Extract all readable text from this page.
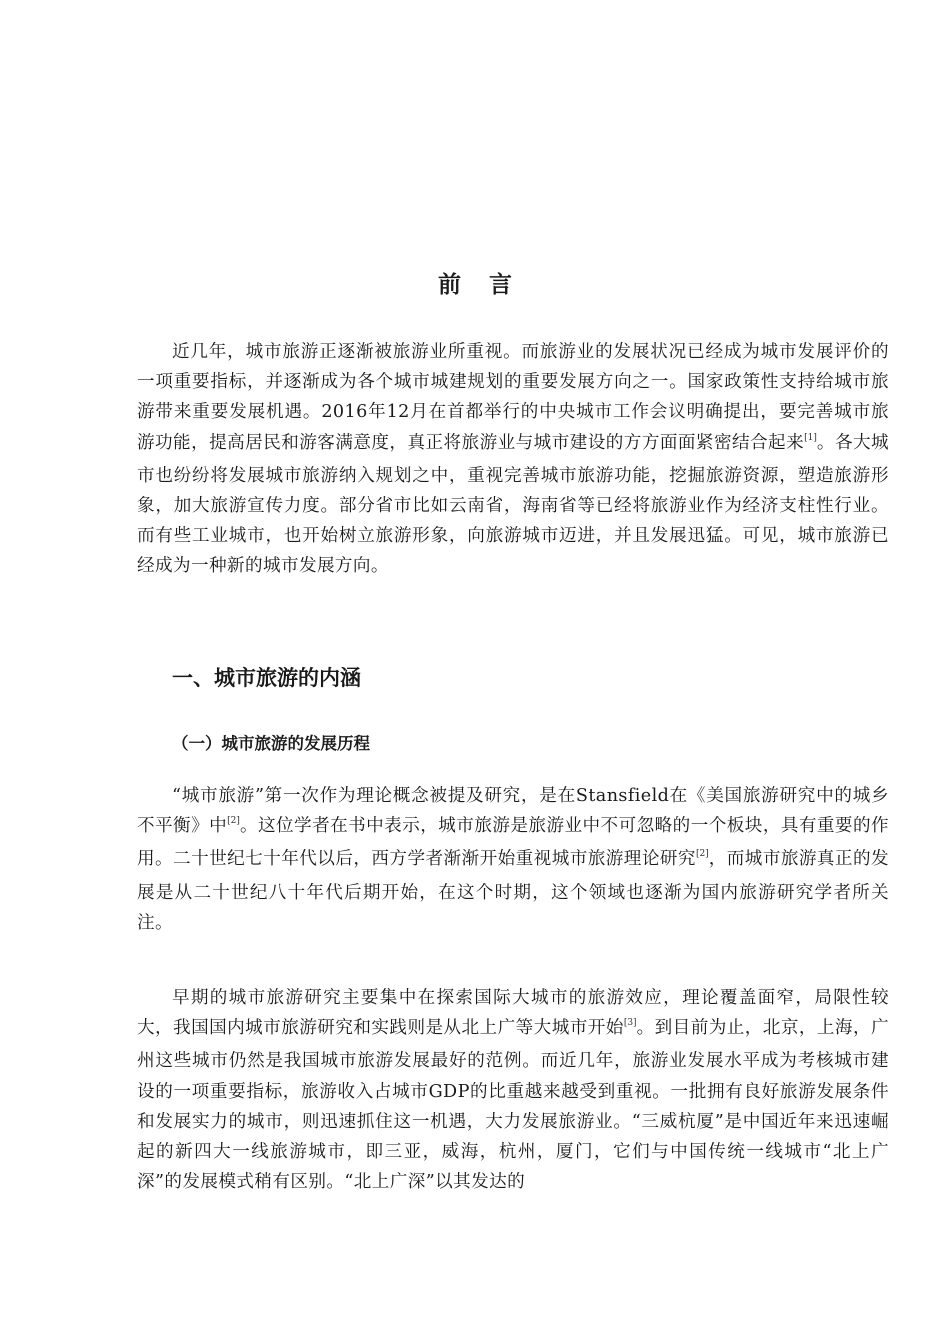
前言

近几年，城市旅游正逐渐被旅游业所重视。而旅游业的发展状况已经成为城市发展评价的一项重要指标，并逐渐成为各个城市城建规划的重要发展方向之一。国家政策性支持给城市旅游带来重要发展机遇。2016年12月在首都举行的中央城市工作会议明确提出，要完善城市旅游功能，提高居民和游客满意度，真正将旅游业与城市建设的方方面面紧密结合起来[1]。各大城市也纷纷将发展城市旅游纳入规划之中，重视完善城市旅游功能，挖掘旅游资源，塑造旅游形象，加大旅游宣传力度。部分省市比如云南省，海南省等已经将旅游业作为经济支柱性行业。而有些工业城市，也开始树立旅游形象，向旅游城市迈进，并且发展迅猛。可见，城市旅游已经成为一种新的城市发展方向。

一、城市旅游的内涵
（一）城市旅游的发展历程

“城市旅游”第一次作为理论概念被提及研究，是在Stansfield在《美国旅游研究中的城乡不平衡》中[2]。这位学者在书中表示，城市旅游是旅游业中不可忽略的一个板块，具有重要的作用。二十世纪七十年代以后，西方学者渐渐开始重视城市旅游理论研究[2]，而城市旅游真正的发展是从二十世纪八十年代后期开始，在这个时期，这个领域也逐渐为国内旅游研究学者所关注。

早期的城市旅游研究主要集中在探索国际大城市的旅游效应，理论覆盖面窄，局限性较大，我国国内城市旅游研究和实践则是从北上广等大城市开始[3]。到目前为止，北京，上海，广州这些城市仍然是我国城市旅游发展最好的范例。而近几年，旅游业发展水平成为考核城市建设的一项重要指标，旅游收入占城市GDP的比重越来越受到重视。一批拥有良好旅游发展条件和发展实力的城市，则迅速抓住这一机遇，大力发展旅游业。“三威杭厦”是中国近年来迅速崛起的新四大一线旅游城市，即三亚，威海，杭州，厦门，它们与中国传统一线城市“北上广深”的发展模式稍有区别。“北上广深”以其发达的
